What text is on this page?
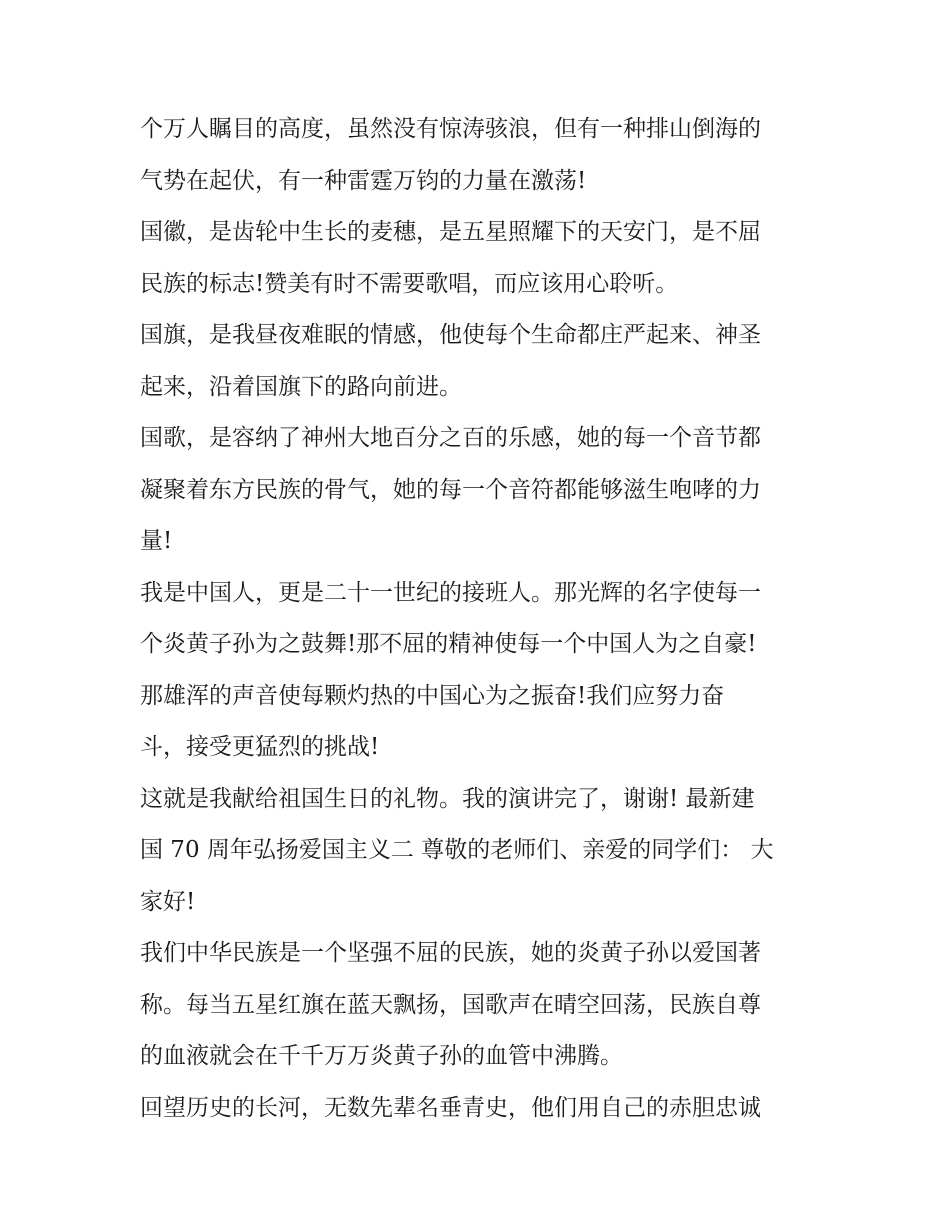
个万人瞩目的高度，虽然没有惊涛骇浪，但有一种排山倒海的
气势在起伏，有一种雷霆万钧的力量在激荡!
国徽，是齿轮中生长的麦穗，是五星照耀下的天安门，是不屈
民族的标志!赞美有时不需要歌唱，而应该用心聆听。
国旗，是我昼夜难眠的情感，他使每个生命都庄严起来、神圣
起来，沿着国旗下的路向前进。
国歌，是容纳了神州大地百分之百的乐感，她的每一个音节都
凝聚着东方民族的骨气，她的每一个音符都能够滋生咆哮的力
量!
我是中国人，更是二十一世纪的接班人。那光辉的名字使每一
个炎黄子孙为之鼓舞!那不屈的精神使每一个中国人为之自豪!
那雄浑的声音使每颗灼热的中国心为之振奋!我们应努力奋
斗，接受更猛烈的挑战!
这就是我献给祖国生日的礼物。我的演讲完了，谢谢! 最新建
国 70 周年弘扬爱国主义二 尊敬的老师们、亲爱的同学们： 大
家好!
我们中华民族是一个坚强不屈的民族，她的炎黄子孙以爱国著
称。每当五星红旗在蓝天飘扬，国歌声在晴空回荡，民族自尊
的血液就会在千千万万炎黄子孙的血管中沸腾。
回望历史的长河，无数先辈名垂青史，他们用自己的赤胆忠诚
